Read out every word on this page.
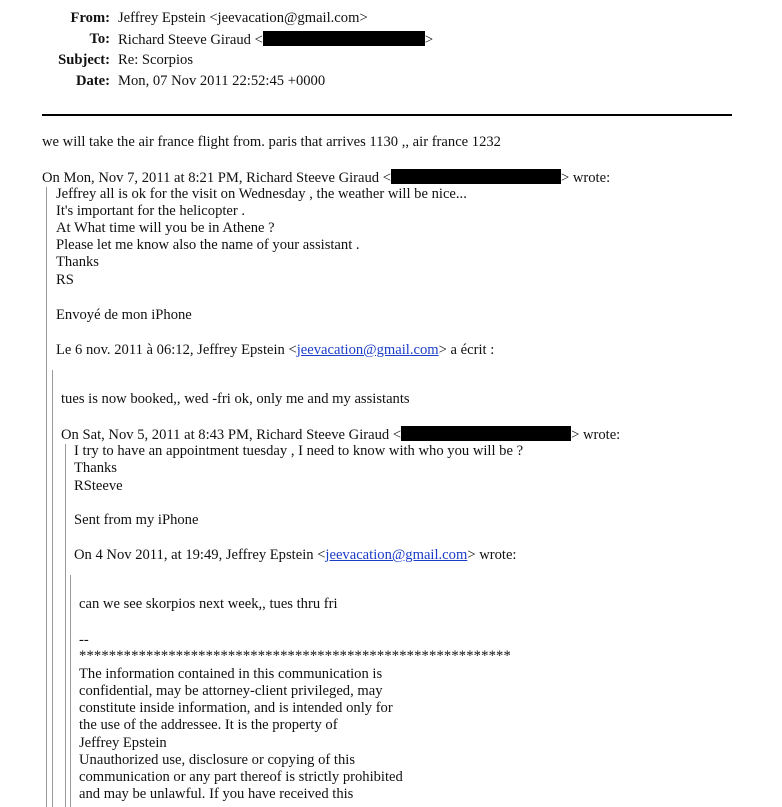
From: Jeffrey Epstein <jeevacation@gmail.com>
To: Richard Steeve Giraud <	>
Subject: Re: Scorpios
Date: Mon, 07 Nov 2011 22:52:45 +0000
we will take the air france flight from. paris that arrives 1130 ,, air france 1232
On Mon, Nov 7, 2011 at 8:21 PM, Richard Steeve Giraud <	> wrote:
Jeffrey all is ok for the visit on Wednesday , the weather will be nice...
It's important for the helicopter .
At What time will you be in Athene ?
Please let me know also the name of your assistant .
Thanks
RS
Envoyé de mon iPhone
Le 6 nov. 2011 à 06:12, Jeffrey Epstein <jeevacation@gmail.com> a écrit :
tues is now booked,, wed -fri ok, only me and my assistants
On Sat, Nov 5, 2011 at 8:43 PM, Richard Steeve Giraud <	> wrote:
I try to have an appointment tuesday , I need to know with who you will be ?
Thanks
RSteeve
Sent from my iPhone
On 4 Nov 2011, at 19:49, Jeffrey Epstein <jeevacation@gmail.com> wrote:
can we see skorpios next week,, tues thru fri
--
**********************************************************
The information contained in this communication is
confidential, may be attorney-client privileged, may
constitute inside information, and is intended only for
the use of the addressee. It is the property of
Jeffrey Epstein
Unauthorized use, disclosure or copying of this
communication or any part thereof is strictly prohibited
and may be unlawful. If you have received this
